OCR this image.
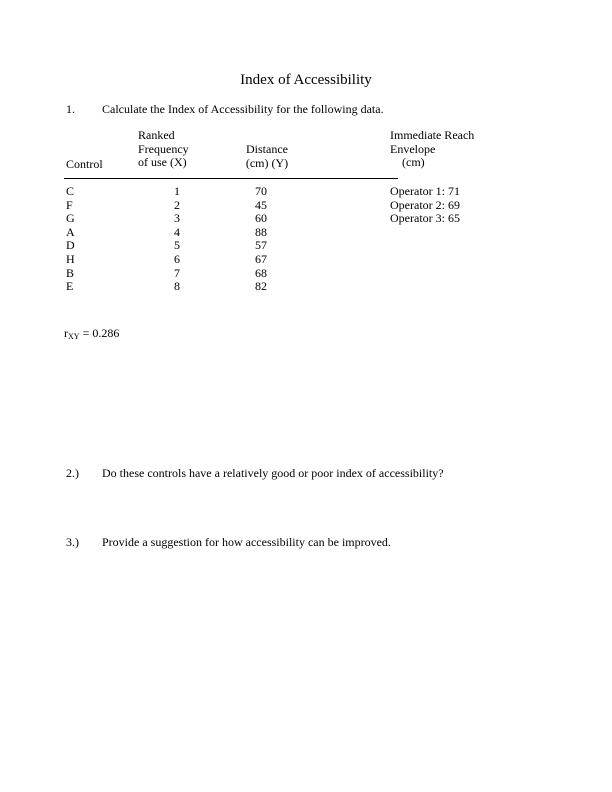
Index of Accessibility
1. Calculate the Index of Accessibility for the following data.
Ranked
Frequency
of use (X)
Distance
(cm) (Y)
Control
Immediate Reach
Envelope
(cm)
C
F
G
A
D
H
B
E
1
2
3
4
5
6
7
8
70
45
60
88
57
67
68
82
Operator 1: 71
Operator 2: 69
Operator 3: 65
$r_{XY} = 0.286$
2.) Do these controls have a relatively good or poor index of accessibility?
3.) Provide a suggestion for how accessibility can be improved.
